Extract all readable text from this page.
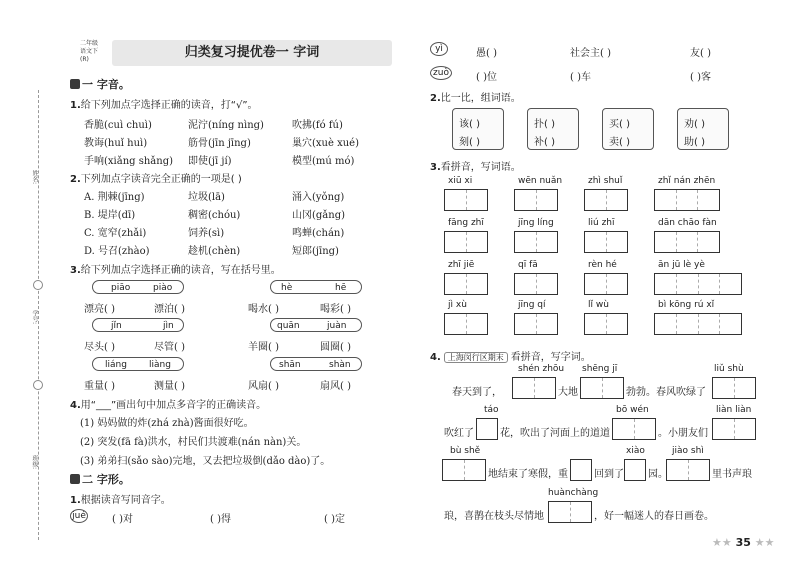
姓名:
学号:
班级:
二年级
语文下
(R)	归类复习提优卷一 字词
一 字音。
1.给下列加点字选择正确的读音，打“√”。
香脆(cuì chuì)	泥泞(níng nìng)	吹拂(fó fú)
教诲(huǐ huì)	筋骨(jīn jīng)	巢穴(xuè xué)
手响(xiǎng shǎng) 即使(jī jí)	模型(mú mó)
2.下列加点字读音完全正确的一项是( )
A. 荆棘(jīng)	垃圾(lā)	涌入(yǒng)
B. 堤岸(dī)	稠密(chóu)	山冈(gǎng)
C. 宽窄(zhǎi)	饲养(sì)	鸣蝉(chán)
D. 号召(zhào)	趁机(chèn)	短郎(jīng)
3.给下列加点字选择正确的读音，写在括号里。
piāo	piào	hè	hē
漂亮( )	漂泊( )	喝水( )	喝彩( )
jǐn	jìn	quān	juàn
尽头( )	尽管( )	羊圈( )	圆圈( )
liáng liàng	shān	shàn
重量( )	测量( )	风扇( )	扇风( )
4.用“___”画出句中加点多音字的正确读音。
(1) 妈妈做的炸(zhá zhà)酱面很好吃。
(2) 突发(fā fà)洪水，村民们共渡难(nán nàn)关。
(3) 弟弟扫(sǎo sào)完地，又去把垃圾倒(dǎo dào)了。
二 字形。
1.根据读音写同音字。
jué	( )对	( )得	( )定
yì	愚( )	社会主( )	友( )
zuò	( )位	( )车	( )客
2.比一比，组词语。
该( )
刻( )
扑( )
补( )
买( )
卖( )
劝( )
助( )
3.看拼音，写词语。
xiū xi	wēn nuǎn	zhì shuǐ	zhǐ nán zhēn
fāng zhī	jīng líng	liú zhī	dān chāo fàn
zhī jiē	qī fā	rèn hé	ān jū lè yè
jì xù	jīng qí	lǐ wù	bì kōng rú xǐ
4. 上海闵行区期末 看拼音，写字词。
shén zhōu shēng jī	liǔ shù
春天到了，	大地	勃勃。春风吹绿了
táo	bō wén	liàn liàn
吹红了	花，吹出了河面上的道道	。小朋友们
bù shě	xiào	jiào shì
地结束了寒假，重	回到了 园。	里书声琅
huànchàng
琅，喜鹊在枝头尽情地	，好一幅迷人的春日画卷。
★★ 35 ★★
